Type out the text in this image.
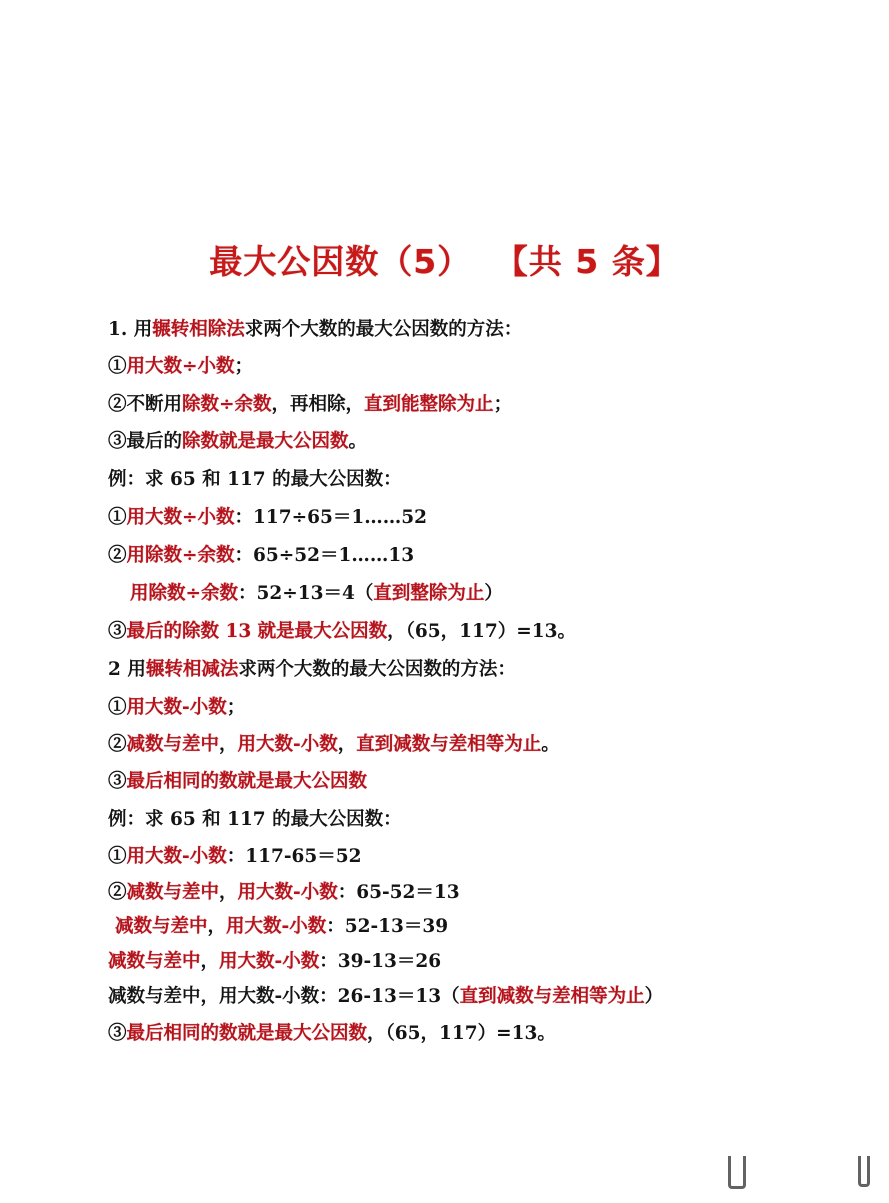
最大公因数（5） 【共 5 条】
1. 用辗转相除法求两个大数的最大公因数的方法：
①用大数÷小数；
②不断用除数÷余数，再相除，直到能整除为止；
③最后的除数就是最大公因数。
例：求 65 和 117 的最大公因数：
①用大数÷小数：117÷65＝1……52
②用除数÷余数：65÷52＝1……13
用除数÷余数：52÷13＝4（直到整除为止）
③最后的除数 13 就是最大公因数，（65，117）=13。
2 用辗转相减法求两个大数的最大公因数的方法：
①用大数-小数；
②减数与差中，用大数-小数，直到减数与差相等为止。
③最后相同的数就是最大公因数
例：求 65 和 117 的最大公因数：
①用大数-小数：117-65＝52
②减数与差中，用大数-小数：65-52＝13
减数与差中，用大数-小数：52-13＝39
减数与差中，用大数-小数：39-13＝26
减数与差中，用大数-小数：26-13＝13（直到减数与差相等为止）
③最后相同的数就是最大公因数，（65，117）=13。
